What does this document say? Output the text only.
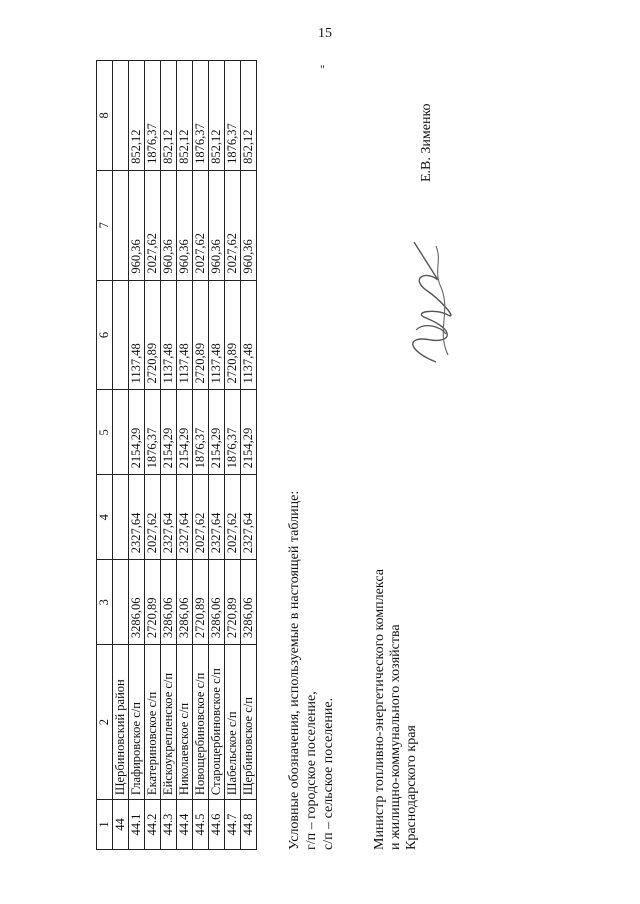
15
"
1	2	3	4	5	6	7	8
44	Щербиновский район						
44.1	Глафировское с/п	3286,06	2327,64	2154,29	1137,48	960,36	852,12
44.2	Екатериновское с/п	2720,89	2027,62	1876,37	2720,89	2027,62	1876,37
44.3	Ейскоукрепленское с/п	3286,06	2327,64	2154,29	1137,48	960,36	852,12
44.4	Николаевское с/п	3286,06	2327,64	2154,29	1137,48	960,36	852,12
44.5	Новощербиновское с/п	2720,89	2027,62	1876,37	2720,89	2027,62	1876,37
44.6	Старощербиновское с/п	3286,06	2327,64	2154,29	1137,48	960,36	852,12
44.7	Шабельское с/п	2720,89	2027,62	1876,37	2720,89	2027,62	1876,37
44.8	Щербиновское с/п	3286,06	2327,64	2154,29	1137,48	960,36	852,12
Условные обозначения, используемые в настоящей таблице: г/п – городское поселение, с/п – сельское поселение.	Министр топливно-энергетического комплекса и жилищно-коммунального хозяйства Краснодарского края
Е.В. Зименко
